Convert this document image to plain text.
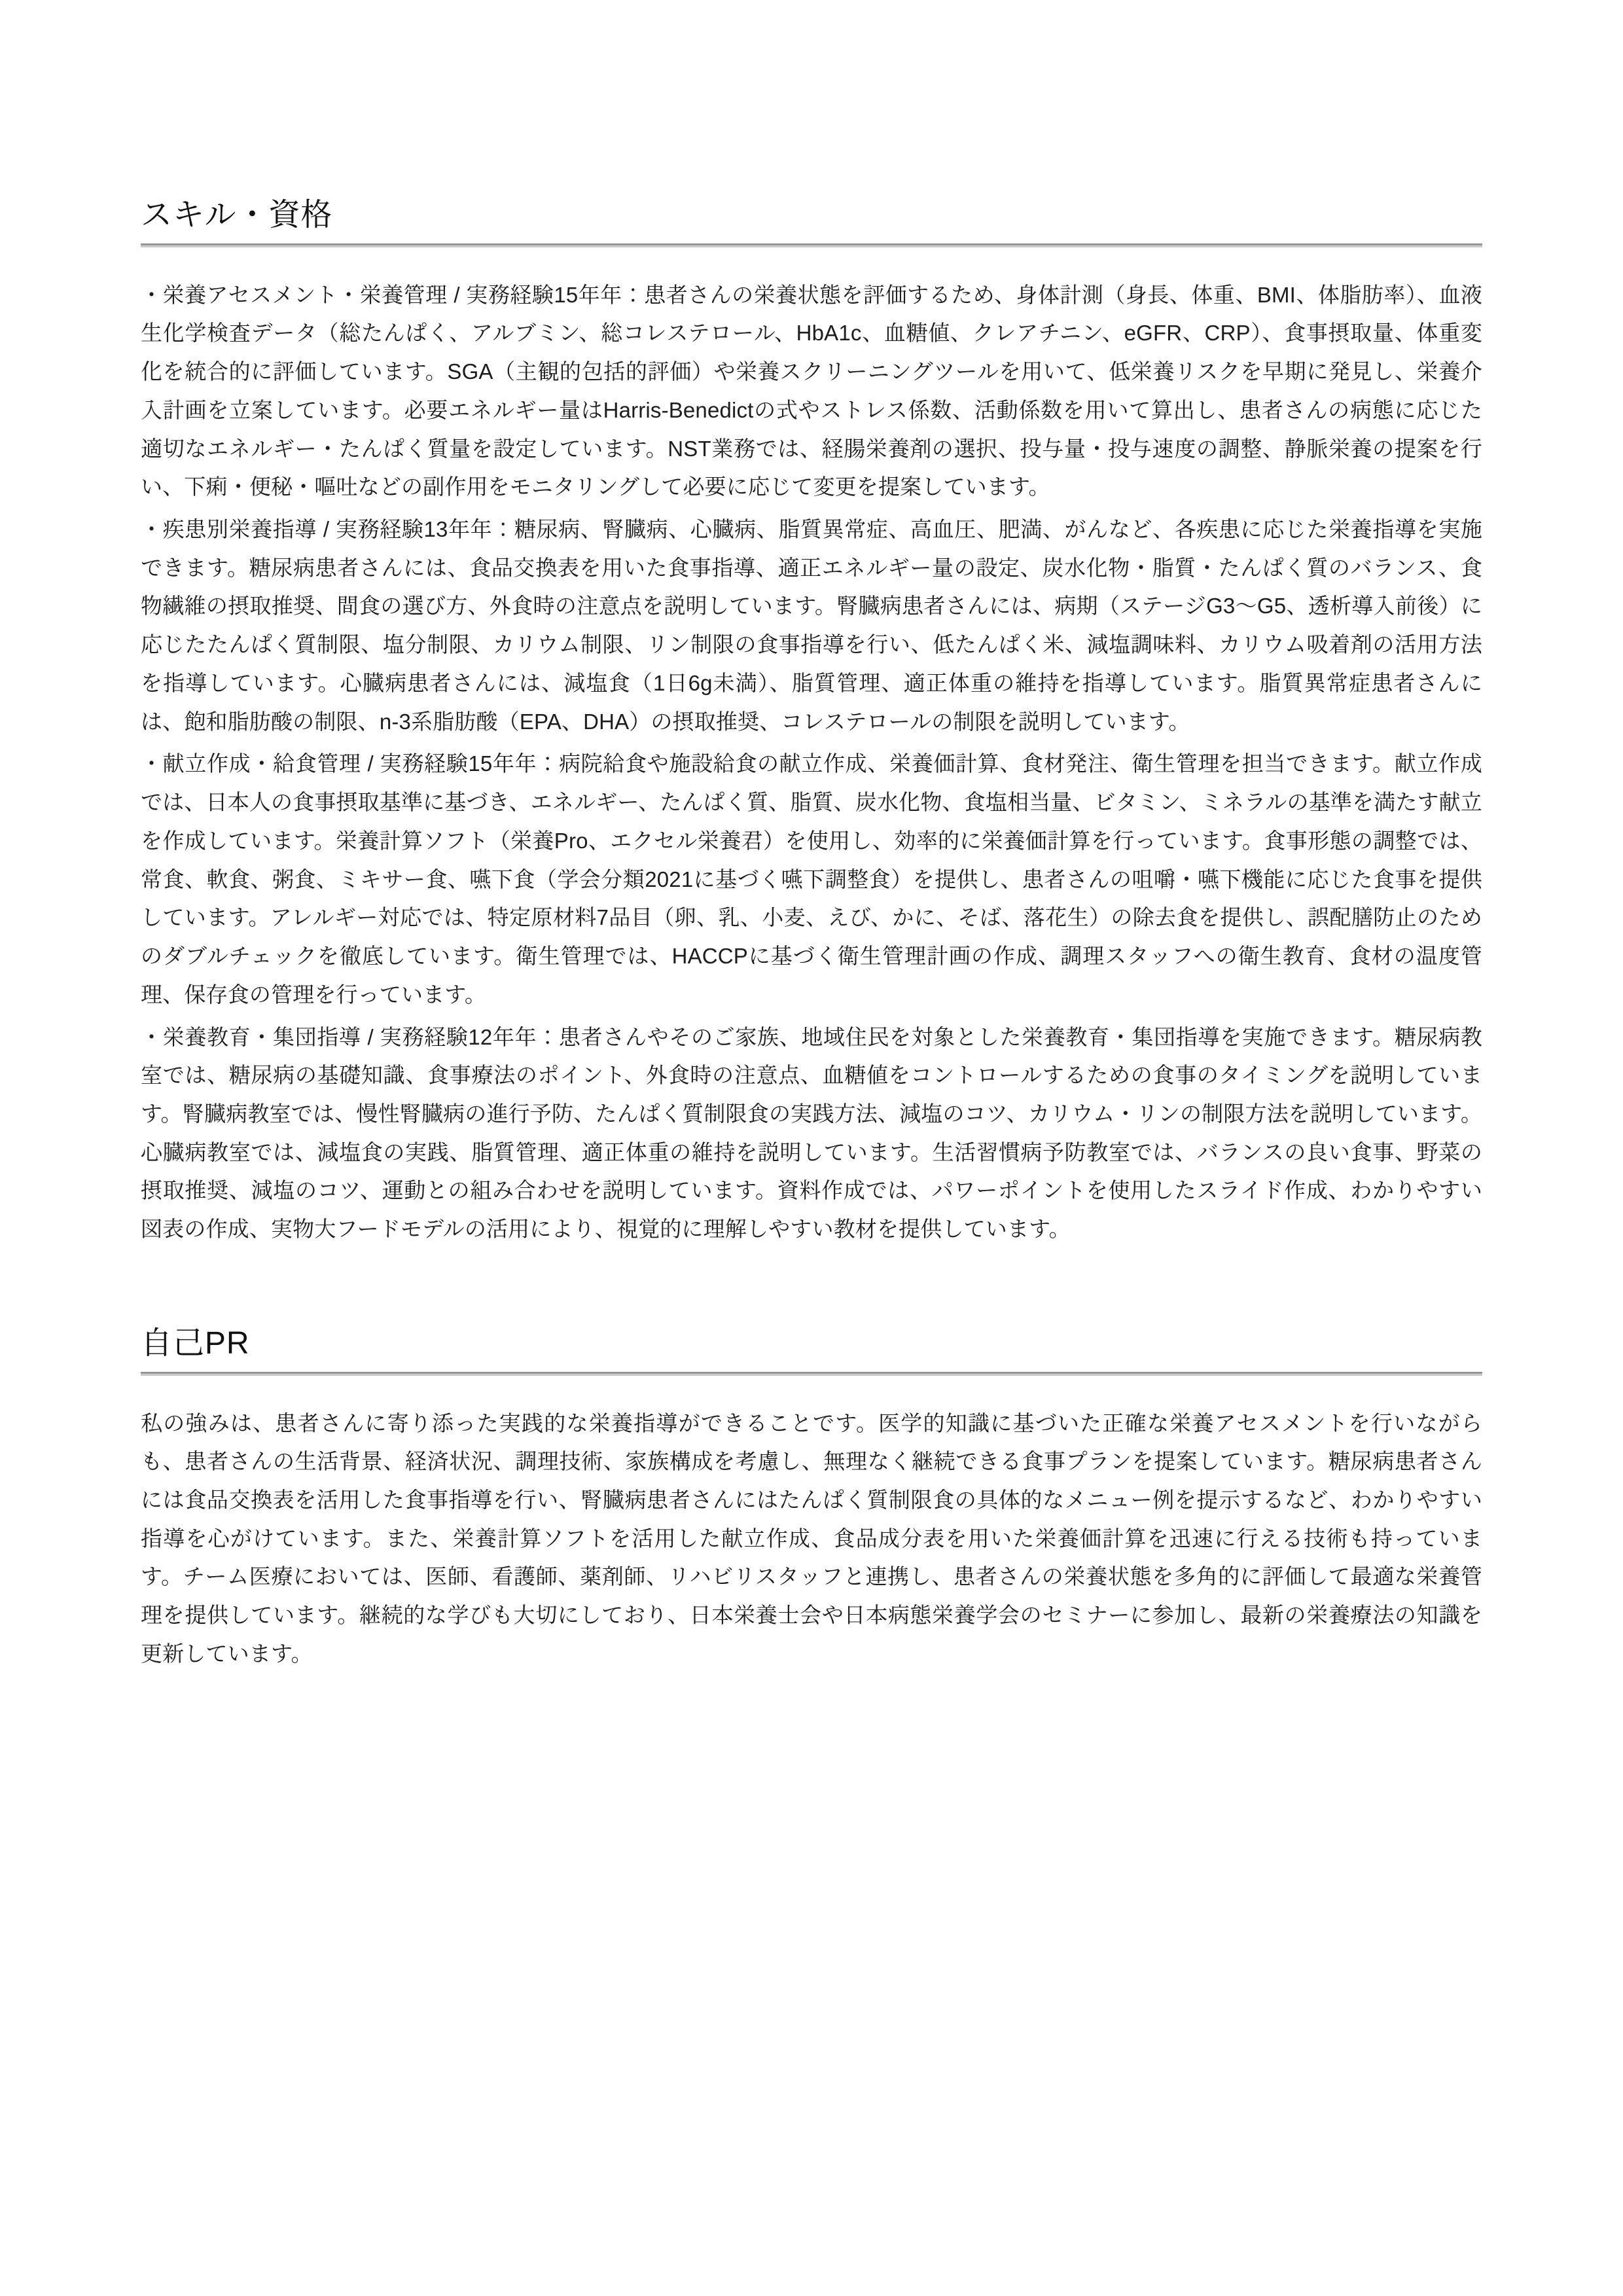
スキル・資格

・栄養アセスメント・栄養管理 / 実務経験15年年：患者さんの栄養状態を評価するため、身体計測（身長、体重、BMI、体脂肪率）、血液生化学検査データ（総たんぱく、アルブミン、総コレステロール、HbA1c、血糖値、クレアチニン、eGFR、CRP）、食事摂取量、体重変化を統合的に評価しています。SGA（主観的包括的評価）や栄養スクリーニングツールを用いて、低栄養リスクを早期に発見し、栄養介入計画を立案しています。必要エネルギー量はHarris-Benedictの式やストレス係数、活動係数を用いて算出し、患者さんの病態に応じた適切なエネルギー・たんぱく質量を設定しています。NST業務では、経腸栄養剤の選択、投与量・投与速度の調整、静脈栄養の提案を行い、下痢・便秘・嘔吐などの副作用をモニタリングして必要に応じて変更を提案しています。

・疾患別栄養指導 / 実務経験13年年：糖尿病、腎臓病、心臓病、脂質異常症、高血圧、肥満、がんなど、各疾患に応じた栄養指導を実施できます。糖尿病患者さんには、食品交換表を用いた食事指導、適正エネルギー量の設定、炭水化物・脂質・たんぱく質のバランス、食物繊維の摂取推奨、間食の選び方、外食時の注意点を説明しています。腎臓病患者さんには、病期（ステージG3〜G5、透析導入前後）に応じたたんぱく質制限、塩分制限、カリウム制限、リン制限の食事指導を行い、低たんぱく米、減塩調味料、カリウム吸着剤の活用方法を指導しています。心臓病患者さんには、減塩食（1日6g未満）、脂質管理、適正体重の維持を指導しています。脂質異常症患者さんには、飽和脂肪酸の制限、n-3系脂肪酸（EPA、DHA）の摂取推奨、コレステロールの制限を説明しています。

・献立作成・給食管理 / 実務経験15年年：病院給食や施設給食の献立作成、栄養価計算、食材発注、衛生管理を担当できます。献立作成では、日本人の食事摂取基準に基づき、エネルギー、たんぱく質、脂質、炭水化物、食塩相当量、ビタミン、ミネラルの基準を満たす献立を作成しています。栄養計算ソフト（栄養Pro、エクセル栄養君）を使用し、効率的に栄養価計算を行っています。食事形態の調整では、常食、軟食、粥食、ミキサー食、嚥下食（学会分類2021に基づく嚥下調整食）を提供し、患者さんの咀嚼・嚥下機能に応じた食事を提供しています。アレルギー対応では、特定原材料7品目（卵、乳、小麦、えび、かに、そば、落花生）の除去食を提供し、誤配膳防止のためのダブルチェックを徹底しています。衛生管理では、HACCPに基づく衛生管理計画の作成、調理スタッフへの衛生教育、食材の温度管理、保存食の管理を行っています。

・栄養教育・集団指導 / 実務経験12年年：患者さんやそのご家族、地域住民を対象とした栄養教育・集団指導を実施できます。糖尿病教室では、糖尿病の基礎知識、食事療法のポイント、外食時の注意点、血糖値をコントロールするための食事のタイミングを説明しています。腎臓病教室では、慢性腎臓病の進行予防、たんぱく質制限食の実践方法、減塩のコツ、カリウム・リンの制限方法を説明しています。心臓病教室では、減塩食の実践、脂質管理、適正体重の維持を説明しています。生活習慣病予防教室では、バランスの良い食事、野菜の摂取推奨、減塩のコツ、運動との組み合わせを説明しています。資料作成では、パワーポイントを使用したスライド作成、わかりやすい図表の作成、実物大フードモデルの活用により、視覚的に理解しやすい教材を提供しています。

自己PR

私の強みは、患者さんに寄り添った実践的な栄養指導ができることです。医学的知識に基づいた正確な栄養アセスメントを行いながらも、患者さんの生活背景、経済状況、調理技術、家族構成を考慮し、無理なく継続できる食事プランを提案しています。糖尿病患者さんには食品交換表を活用した食事指導を行い、腎臓病患者さんにはたんぱく質制限食の具体的なメニュー例を提示するなど、わかりやすい指導を心がけています。また、栄養計算ソフトを活用した献立作成、食品成分表を用いた栄養価計算を迅速に行える技術も持っています。チーム医療においては、医師、看護師、薬剤師、リハビリスタッフと連携し、患者さんの栄養状態を多角的に評価して最適な栄養管理を提供しています。継続的な学びも大切にしており、日本栄養士会や日本病態栄養学会のセミナーに参加し、最新の栄養療法の知識を更新しています。
